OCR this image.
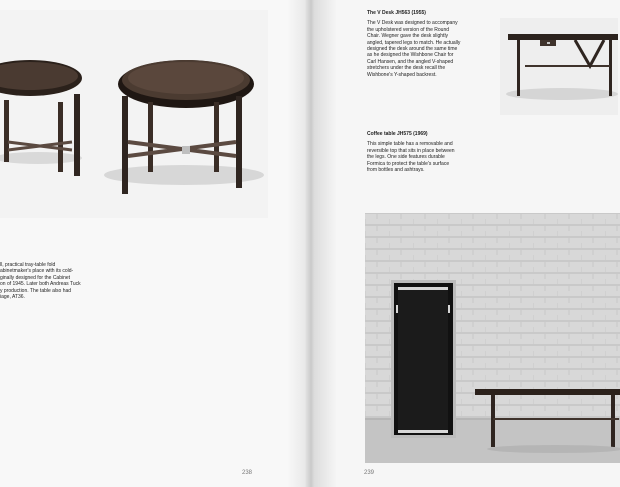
ll, practical tray-table fold
abinetmaker's place with its cold-
ginally designed for the Cabinet
on of 1945. Later both Andreas Tuck
y production. The table also had
iage, AT36.
238
The V Desk JH563 (1955)
The V Desk was designed to accompany
the upholstered version of the Round
Chair. Wegner gave the desk slightly
angled, tapered legs to match. He actually
designed the desk around the same time
as he designed the Wishbone Chair for
Carl Hansen, and the angled V-shaped
stretchers under the desk recall the
Wishbone's Y-shaped backrest.
Coffee table JH575 (1969)
This simple table has a removable and
reversible top that sits in place between
the legs. One side features durable
Formica to protect the table's surface
from bottles and ashtrays.
239
